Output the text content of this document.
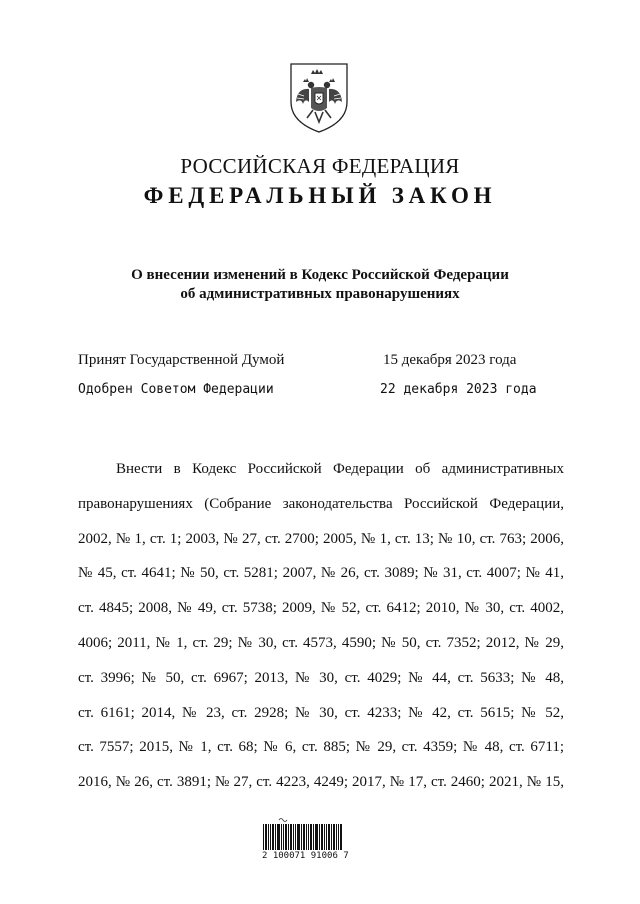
РОССИЙСКАЯ ФЕДЕРАЦИЯ
ФЕДЕРАЛЬНЫЙ ЗАКОН
О внесении изменений в Кодекс Российской Федерации
об административных правонарушениях
Принят Государственной Думой	15 декабря 2023 года
Одобрен Советом Федерации	22 декабря 2023 года
Внести в Кодекс Российской Федерации об административных
правонарушениях (Собрание законодательства Российской Федерации,
2002, № 1, ст. 1; 2003, № 27, ст. 2700; 2005, № 1, ст. 13; № 10, ст. 763; 2006,
№ 45, ст. 4641; № 50, ст. 5281; 2007, № 26, ст. 3089; № 31, ст. 4007; № 41,
ст. 4845; 2008, № 49, ст. 5738; 2009, № 52, ст. 6412; 2010, № 30, ст. 4002,
4006; 2011, № 1, ст. 29; № 30, ст. 4573, 4590; № 50, ст. 7352; 2012, № 29,
ст. 3996; № 50, ст. 6967; 2013, № 30, ст. 4029; № 44, ст. 5633; № 48,
ст. 6161; 2014, № 23, ст. 2928; № 30, ст. 4233; № 42, ст. 5615; № 52,
ст. 7557; 2015, № 1, ст. 68; № 6, ст. 885; № 29, ст. 4359; № 48, ст. 6711;
2016, № 26, ст. 3891; № 27, ст. 4223, 4249; 2017, № 17, ст. 2460; 2021, № 15,
2 100071 91006 7
